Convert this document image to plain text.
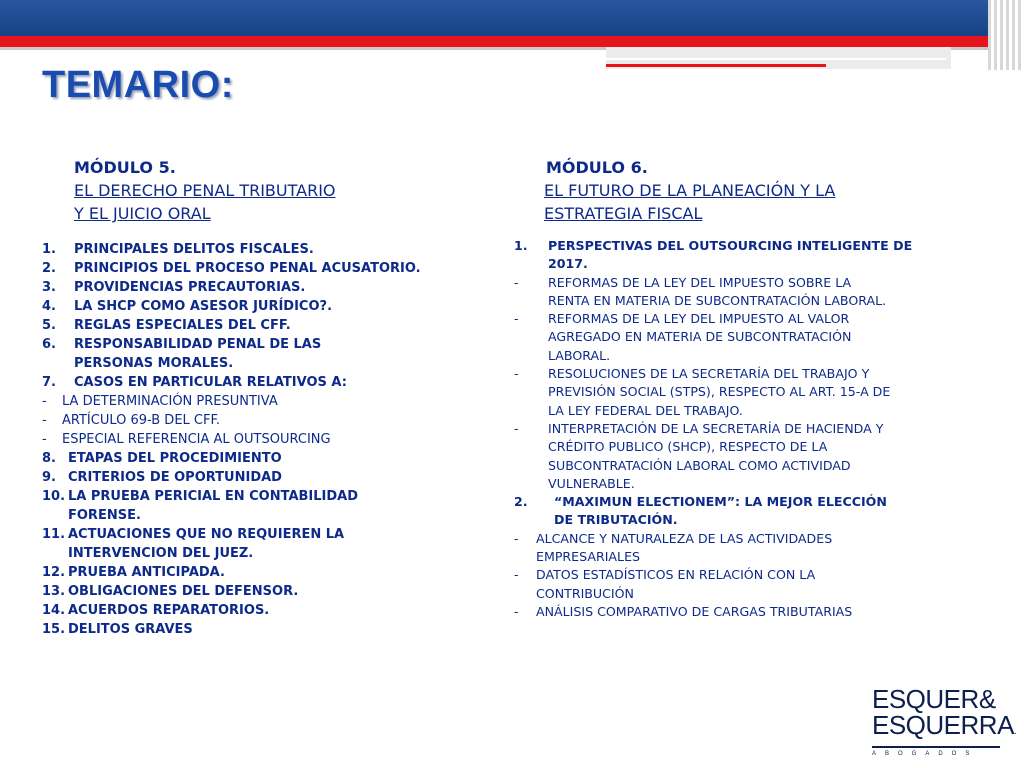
TEMARIO:
MÓDULO 5.
EL DERECHO PENAL TRIBUTARIO
Y EL JUICIO ORAL
1.	PRINCIPALES DELITOS FISCALES.
2.	PRINCIPIOS DEL PROCESO PENAL ACUSATORIO.
3.	PROVIDENCIAS PRECAUTORIAS.
4.	LA SHCP COMO ASESOR JURÍDICO?.
5.	REGLAS ESPECIALES DEL CFF.
6.	RESPONSABILIDAD PENAL DE LAS PERSONAS MORALES.
7.	CASOS EN PARTICULAR RELATIVOS A:
-	LA DETERMINACIÓN PRESUNTIVA
-	ARTÍCULO 69-B DEL CFF.
-	ESPECIAL REFERENCIA AL OUTSOURCING
8. ETAPAS DEL PROCEDIMIENTO
9. CRITERIOS DE OPORTUNIDAD
10. LA PRUEBA PERICIAL EN CONTABILIDAD FORENSE.
11. ACTUACIONES QUE NO REQUIEREN LA INTERVENCION DEL JUEZ.
12. PRUEBA ANTICIPADA.
13. OBLIGACIONES DEL DEFENSOR.
14. ACUERDOS REPARATORIOS.
15. DELITOS GRAVES
MÓDULO 6.
EL FUTURO DE LA PLANEACIÓN Y LA
ESTRATEGIA FISCAL
1.	PERSPECTIVAS DEL OUTSOURCING INTELIGENTE DE 2017.
-	REFORMAS DE LA LEY DEL IMPUESTO SOBRE LA RENTA EN MATERIA DE SUBCONTRATACIÓN LABORAL.
-	REFORMAS DE LA LEY DEL IMPUESTO AL VALOR AGREGADO EN MATERIA DE SUBCONTRATACIÓN LABORAL.
-	RESOLUCIONES DE LA SECRETARÍA DEL TRABAJO Y PREVISIÓN SOCIAL (STPS), RESPECTO AL ART. 15-A DE LA LEY FEDERAL DEL TRABAJO.
-	INTERPRETACIÓN DE LA SECRETARÍA DE HACIENDA Y CRÉDITO PUBLICO (SHCP), RESPECTO DE LA SUBCONTRATACIÓN LABORAL COMO ACTIVIDAD VULNERABLE.
2.	“MAXIMUN ELECTIONEM”: LA MEJOR ELECCIÓN DE TRIBUTACIÓN.
-	ALCANCE Y NATURALEZA DE LAS ACTIVIDADES EMPRESARIALES
-	DATOS ESTADÍSTICOS EN RELACIÓN CON LA CONTRIBUCIÓN
-	ANÁLISIS COMPARATIVO DE CARGAS TRIBUTARIAS
ESQUER&
ESQUERRA.
ABOGADOS
